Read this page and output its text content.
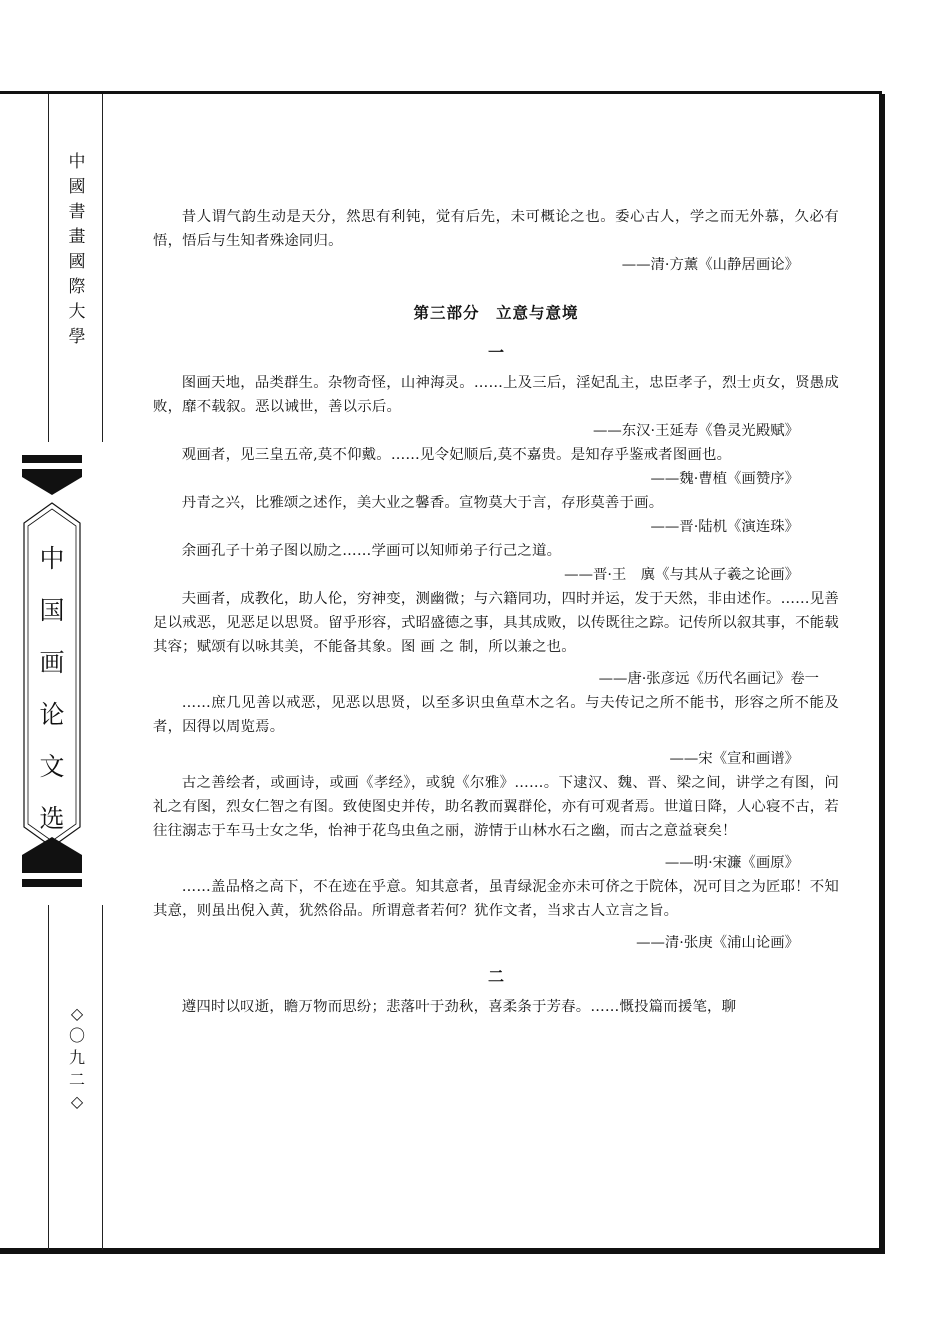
中
國
書
畫
國
際
大
學
中
国
画
论
文
选
◇
〇
九
二
◇

昔人谓气韵生动是天分，然思有利钝，觉有后先，未可概论之也。委心古人，学之而无外慕，久必有悟，悟后与生知者殊途同归。

——清·方薰《山静居画论》

第三部分　立意与意境
一

图画天地，品类群生。杂物奇怪，山神海灵。……上及三后，淫妃乱主，忠臣孝子，烈士贞女，贤愚成败，靡不载叙。恶以诫世，善以示后。

——东汉·王延寿《鲁灵光殿赋》

观画者，见三皇五帝,莫不仰戴。……见令妃顺后,莫不嘉贵。是知存乎鉴戒者图画也。

——魏·曹植《画赞序》

丹青之兴，比雅颂之述作，美大业之馨香。宣物莫大于言，存形莫善于画。

——晋·陆机《演连珠》

余画孔子十弟子图以励之……学画可以知师弟子行己之道。

——晋·王　廙《与其从子羲之论画》

夫画者，成教化，助人伦，穷神变，测幽微；与六籍同功，四时并运，发于天然，非由述作。……见善足以戒恶，见恶足以思贤。留乎形容，式昭盛德之事，具其成败，以传既往之踪。记传所以叙其事，不能载其容；赋颂有以咏其美，不能备其象。图 画 之 制，所以兼之也。

——唐·张彦远《历代名画记》卷一

……庶几见善以戒恶，见恶以思贤，以至多识虫鱼草木之名。与夫传记之所不能书，形容之所不能及者，因得以周览焉。

——宋《宣和画谱》

古之善绘者，或画诗，或画《孝经》，或貌《尔雅》……。下逮汉、魏、晋、梁之间，讲学之有图，问礼之有图，烈女仁智之有图。致使图史并传，助名教而翼群伦，亦有可观者焉。世道日降，人心寝不古，若往往溺志于车马士女之华，怡神于花鸟虫鱼之丽，游情于山林水石之幽，而古之意益衰矣！

——明·宋濂《画原》

……盖品格之高下，不在迹在乎意。知其意者，虽青绿泥金亦未可侪之于院体，况可目之为匠耶！不知其意，则虽出倪入黄，犹然俗品。所谓意者若何？犹作文者，当求古人立言之旨。

——清·张庚《浦山论画》

二

遵四时以叹逝，瞻万物而思纷；悲落叶于劲秋，喜柔条于芳春。……慨投篇而援笔，聊
